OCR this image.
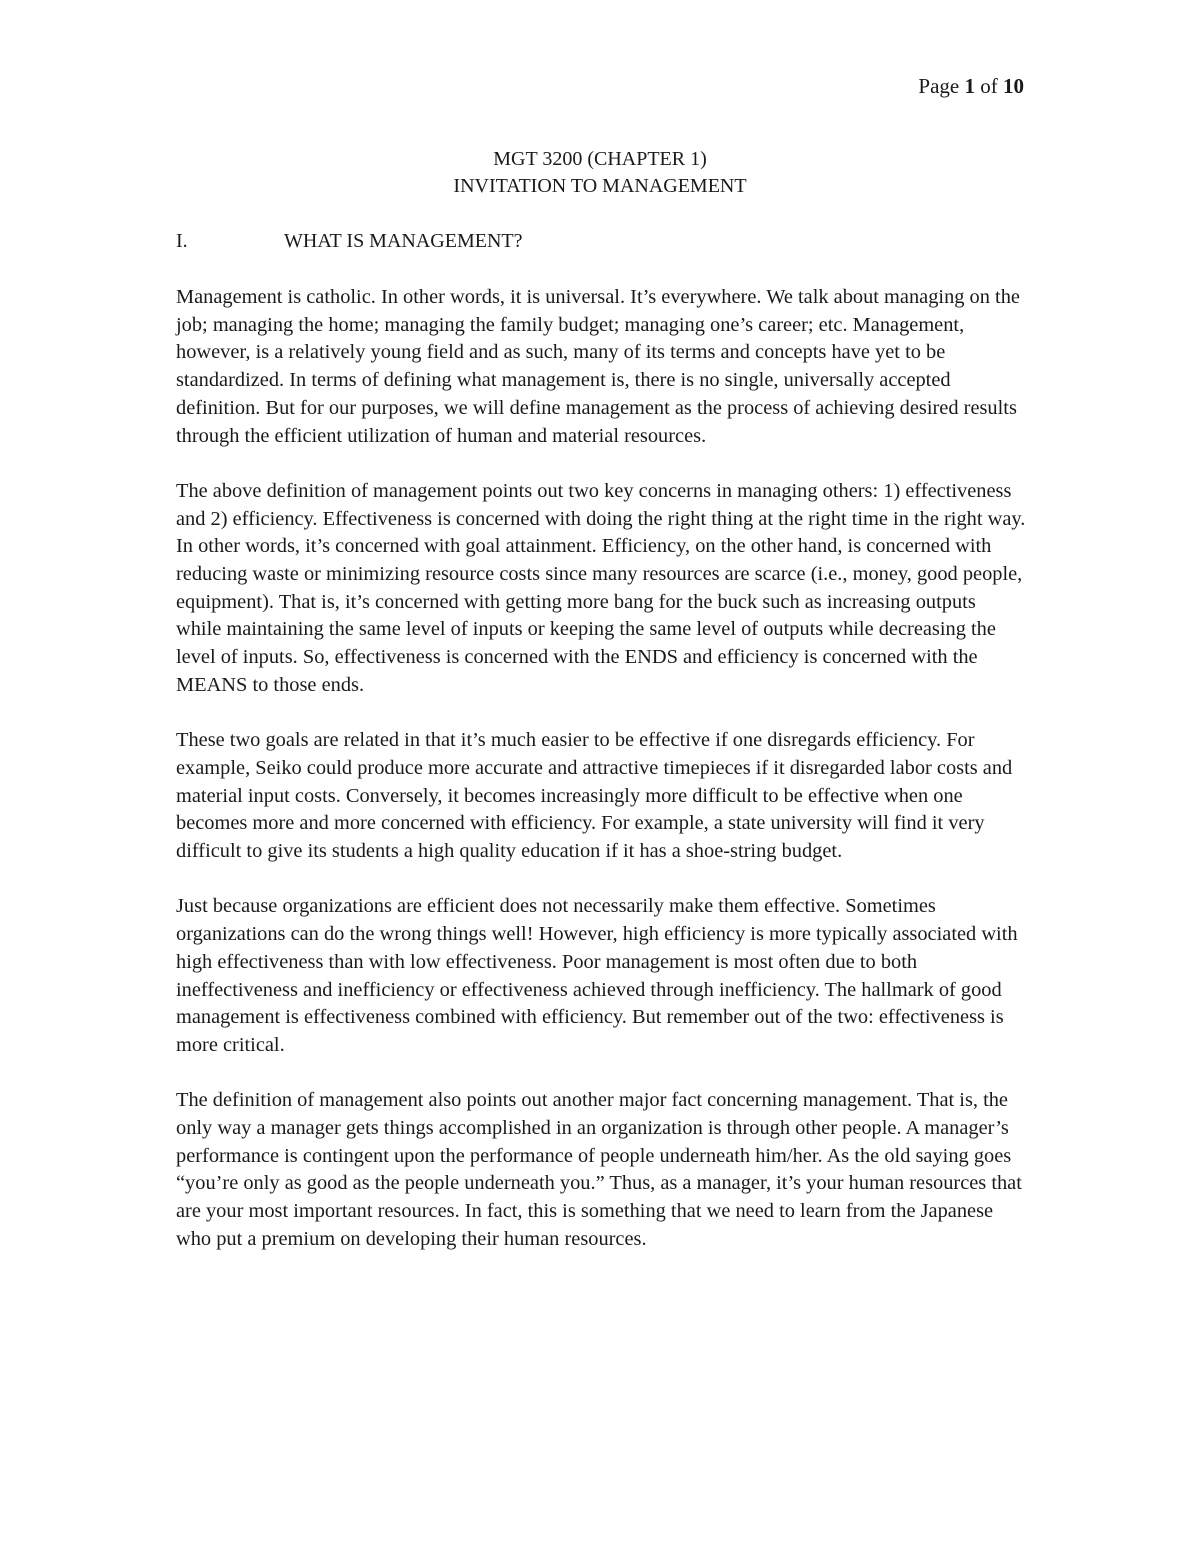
Page 1 of 10
MGT 3200 (CHAPTER 1)
INVITATION TO MANAGEMENT
I.	WHAT IS MANAGEMENT?

Management is catholic. In other words, it is universal. It’s everywhere. We talk about managing on the job; managing the home; managing the family budget; managing one’s career; etc. Management, however, is a relatively young field and as such, many of its terms and concepts have yet to be standardized. In terms of defining what management is, there is no single, universally accepted definition. But for our purposes, we will define management as the process of achieving desired results through the efficient utilization of human and material resources.

The above definition of management points out two key concerns in managing others: 1) effectiveness and 2) efficiency. Effectiveness is concerned with doing the right thing at the right time in the right way. In other words, it’s concerned with goal attainment. Efficiency, on the other hand, is concerned with reducing waste or minimizing resource costs since many resources are scarce (i.e., money, good people, equipment). That is, it’s concerned with getting more bang for the buck such as increasing outputs while maintaining the same level of inputs or keeping the same level of outputs while decreasing the level of inputs. So, effectiveness is concerned with the ENDS and efficiency is concerned with the MEANS to those ends.

These two goals are related in that it’s much easier to be effective if one disregards efficiency. For example, Seiko could produce more accurate and attractive timepieces if it disregarded labor costs and material input costs. Conversely, it becomes increasingly more difficult to be effective when one becomes more and more concerned with efficiency. For example, a state university will find it very difficult to give its students a high quality education if it has a shoe-string budget.

Just because organizations are efficient does not necessarily make them effective. Sometimes organizations can do the wrong things well! However, high efficiency is more typically associated with high effectiveness than with low effectiveness. Poor management is most often due to both ineffectiveness and inefficiency or effectiveness achieved through inefficiency. The hallmark of good management is effectiveness combined with efficiency. But remember out of the two: effectiveness is more critical.

The definition of management also points out another major fact concerning management. That is, the only way a manager gets things accomplished in an organization is through other people. A manager’s performance is contingent upon the performance of people underneath him/her. As the old saying goes “you’re only as good as the people underneath you.” Thus, as a manager, it’s your human resources that are your most important resources. In fact, this is something that we need to learn from the Japanese who put a premium on developing their human resources.
